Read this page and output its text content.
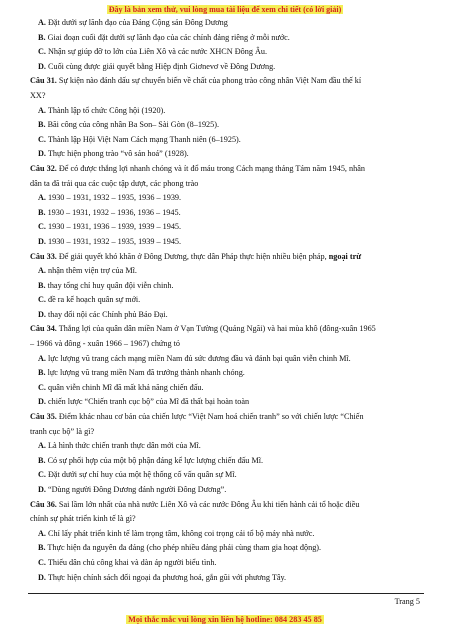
Đây là bản xem thử, vui lòng mua tài liệu để xem chi tiết (có lời giải)
A. Đặt dưới sự lãnh đạo của Đảng Cộng sản Đông Dương
B. Giai đoạn cuối đặt dưới sự lãnh đạo của các chính đảng riêng ở mỗi nước.
C. Nhận sự giúp đỡ to lớn của Liên Xô và các nước XHCN Đông Âu.
D. Cuối cùng được giải quyết bằng Hiệp định Giơnevơ về Đông Dương.
Câu 31. Sự kiện nào đánh dấu sự chuyển biến về chất của phong trào công nhân Việt Nam đầu thế kỉ
XX?
A. Thành lập tổ chức Công hội (1920).
B. Bãi công của công nhân Ba Son– Sài Gòn (8–1925).
C. Thành lập Hội Việt Nam Cách mạng Thanh niên (6–1925).
D. Thực hiện phong trào “vô sản hoá” (1928).
Câu 32. Để có được thắng lợi nhanh chóng và ít đổ máu trong Cách mạng tháng Tám năm 1945, nhân
dân ta đã trải qua các cuộc tập dượt, các phong trào
A. 1930 – 1931, 1932 – 1935, 1936 – 1939.
B. 1930 – 1931, 1932 – 1936, 1936 – 1945.
C. 1930 – 1931, 1936 – 1939, 1939 – 1945.
D. 1930 – 1931, 1932 – 1935, 1939 – 1945.
Câu 33. Để giải quyết khó khăn ở Đông Dương, thực dân Pháp thực hiện nhiều biện pháp, ngoại trừ
A. nhận thêm viện trợ của Mĩ.
B. thay tổng chỉ huy quân đội viễn chinh.
C. đề ra kế hoạch quân sự mới.
D. thay đổi nội các Chính phủ Bảo Đại.
Câu 34. Thắng lợi của quân dân miền Nam ở Vạn Tường (Quảng Ngãi) và hai mùa khô (đông-xuân 1965
– 1966 và đông - xuân 1966 – 1967) chứng tỏ
A. lực lượng vũ trang cách mạng miền Nam đủ sức đương đầu và đánh bại quân viễn chinh Mĩ.
B. lực lượng vũ trang miền Nam đã trưởng thành nhanh chóng.
C. quân viễn chinh Mĩ đã mất khả năng chiến đấu.
D. chiến lược “Chiến tranh cục bộ” của Mĩ đã thất bại hoàn toàn
Câu 35. Điểm khác nhau cơ bản của chiến lược “Việt Nam hoá chiến tranh” so với chiến lược “Chiến
tranh cục bộ” là gì?
A. Là hình thức chiến tranh thực dân mới của Mĩ.
B. Có sự phối hợp của một bộ phận đáng kể lực lượng chiến đấu Mĩ.
C. Đặt dưới sự chỉ huy của một hệ thống cố vấn quân sự Mĩ.
D. “Dùng người Đông Dương đánh người Đông Dương”.
Câu 36. Sai lầm lớn nhất của nhà nước Liên Xô và các nước Đông Âu khi tiến hành cải tổ hoặc điều
chỉnh sự phát triển kinh tế là gì?
A. Chỉ lấy phát triển kinh tế làm trọng tâm, không coi trọng cải tổ bộ máy nhà nước.
B. Thực hiện đa nguyên đa đảng (cho phép nhiều đảng phái cùng tham gia hoạt động).
C. Thiếu dân chủ công khai và dàn áp người biểu tình.
D. Thực hiện chính sách đối ngoại đa phương hoá, gắn gũi với phương Tây.
Trang 5
Mọi thắc mắc vui lòng xin liên hệ hotline: 084 283 45 85
